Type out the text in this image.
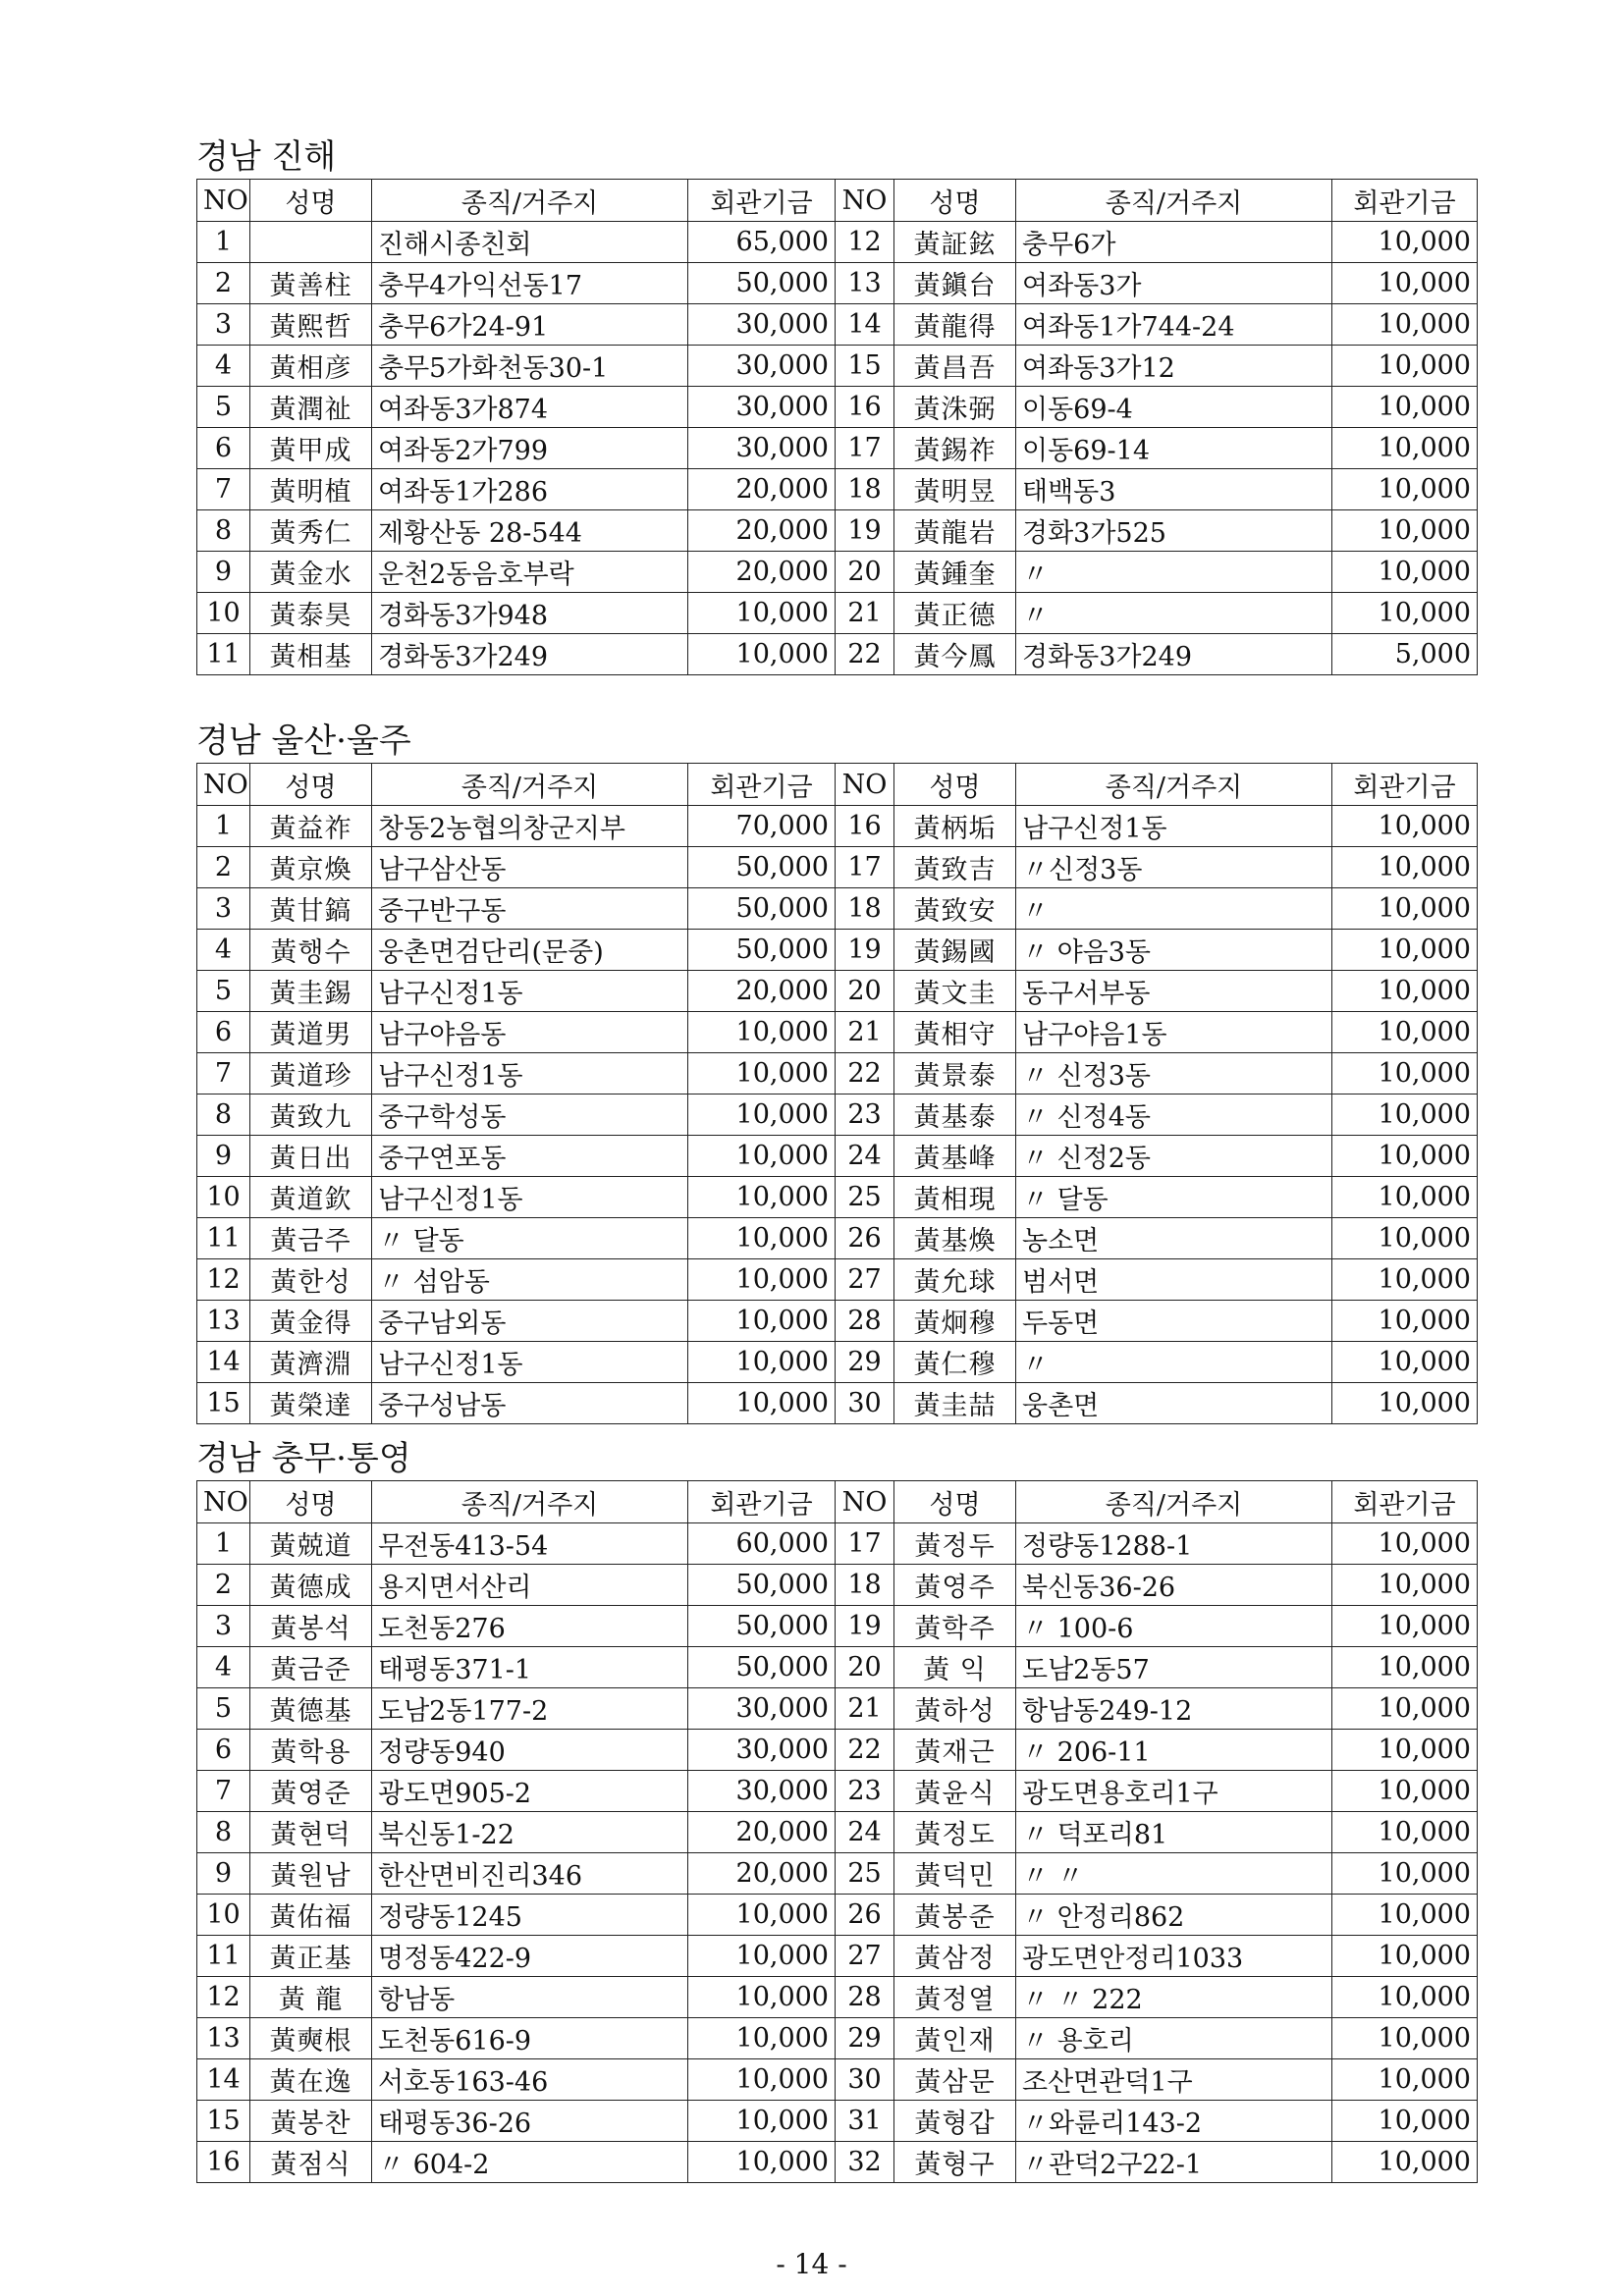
경남 진해
NO	성명	종직/거주지	회관기금	NO	성명	종직/거주지	회관기금
1		진해시종친회	65,000	12	黃証鉉	충무6가	10,000
2	黃善柱	충무4가익선동17	50,000	13	黃鎭台	여좌동3가	10,000
3	黃熙哲	충무6가24-91	30,000	14	黃龍得	여좌동1가744-24	10,000
4	黃相彦	충무5가화천동30-1	30,000	15	黃昌吾	여좌동3가12	10,000
5	黃潤祉	여좌동3가874	30,000	16	黃洙弼	이동69-4	10,000
6	黃甲成	여좌동2가799	30,000	17	黃錫祚	이동69-14	10,000
7	黃明植	여좌동1가286	20,000	18	黃明昱	태백동3	10,000
8	黃秀仁	제황산동 28-544	20,000	19	黃龍岩	경화3가525	10,000
9	黃金水	운천2동음호부락	20,000	20	黃鍾奎	〃	10,000
10	黃泰昊	경화동3가948	10,000	21	黃正德	〃	10,000
11	黃相基	경화동3가249	10,000	22	黃今鳳	경화동3가249	5,000
경남 울산·울주
NO	성명	종직/거주지	회관기금	NO	성명	종직/거주지	회관기금
1	黃益祚	창동2농협의창군지부	70,000	16	黃柄垢	남구신정1동	10,000
2	黃京煥	남구삼산동	50,000	17	黃致吉	〃신정3동	10,000
3	黃甘鎬	중구반구동	50,000	18	黃致安	〃	10,000
4	黃행수	웅촌면검단리(문중)	50,000	19	黃錫國	〃 야음3동	10,000
5	黃圭錫	남구신정1동	20,000	20	黃文圭	동구서부동	10,000
6	黃道男	남구야음동	10,000	21	黃相守	남구야음1동	10,000
7	黃道珍	남구신정1동	10,000	22	黃景泰	〃 신정3동	10,000
8	黃致九	중구학성동	10,000	23	黃基泰	〃 신정4동	10,000
9	黃日出	중구연포동	10,000	24	黃基峰	〃 신정2동	10,000
10	黃道欽	남구신정1동	10,000	25	黃相現	〃 달동	10,000
11	黃금주	〃 달동	10,000	26	黃基煥	농소면	10,000
12	黃한성	〃 섬암동	10,000	27	黃允球	범서면	10,000
13	黃金得	중구남외동	10,000	28	黃炯穆	두동면	10,000
14	黃濟淵	남구신정1동	10,000	29	黃仁穆	〃	10,000
15	黃榮達	중구성남동	10,000	30	黃圭喆	웅촌면	10,000
경남 충무·통영
NO	성명	종직/거주지	회관기금	NO	성명	종직/거주지	회관기금
1	黃兢道	무전동413-54	60,000	17	黃정두	정량동1288-1	10,000
2	黃德成	용지면서산리	50,000	18	黃영주	북신동36-26	10,000
3	黃봉석	도천동276	50,000	19	黃학주	〃 100-6	10,000
4	黃금준	태평동371-1	50,000	20	黃 익	도남2동57	10,000
5	黃德基	도남2동177-2	30,000	21	黃하성	항남동249-12	10,000
6	黃학용	정량동940	30,000	22	黃재근	〃 206-11	10,000
7	黃영준	광도면905-2	30,000	23	黃윤식	광도면용호리1구	10,000
8	黃현덕	북신동1-22	20,000	24	黃정도	〃 덕포리81	10,000
9	黃원남	한산면비진리346	20,000	25	黃덕민	〃 〃	10,000
10	黃佑福	정량동1245	10,000	26	黃봉준	〃 안정리862	10,000
11	黃正基	명정동422-9	10,000	27	黃삼정	광도면안정리1033	10,000
12	黃 龍	항남동	10,000	28	黃정열	〃 〃 222	10,000
13	黃奭根	도천동616-9	10,000	29	黃인재	〃 용호리	10,000
14	黃在逸	서호동163-46	10,000	30	黃삼문	조산면관덕1구	10,000
15	黃봉찬	태평동36-26	10,000	31	黃형갑	〃와륜리143-2	10,000
16	黃점식	〃 604-2	10,000	32	黃형구	〃관덕2구22-1	10,000
- 14 -
